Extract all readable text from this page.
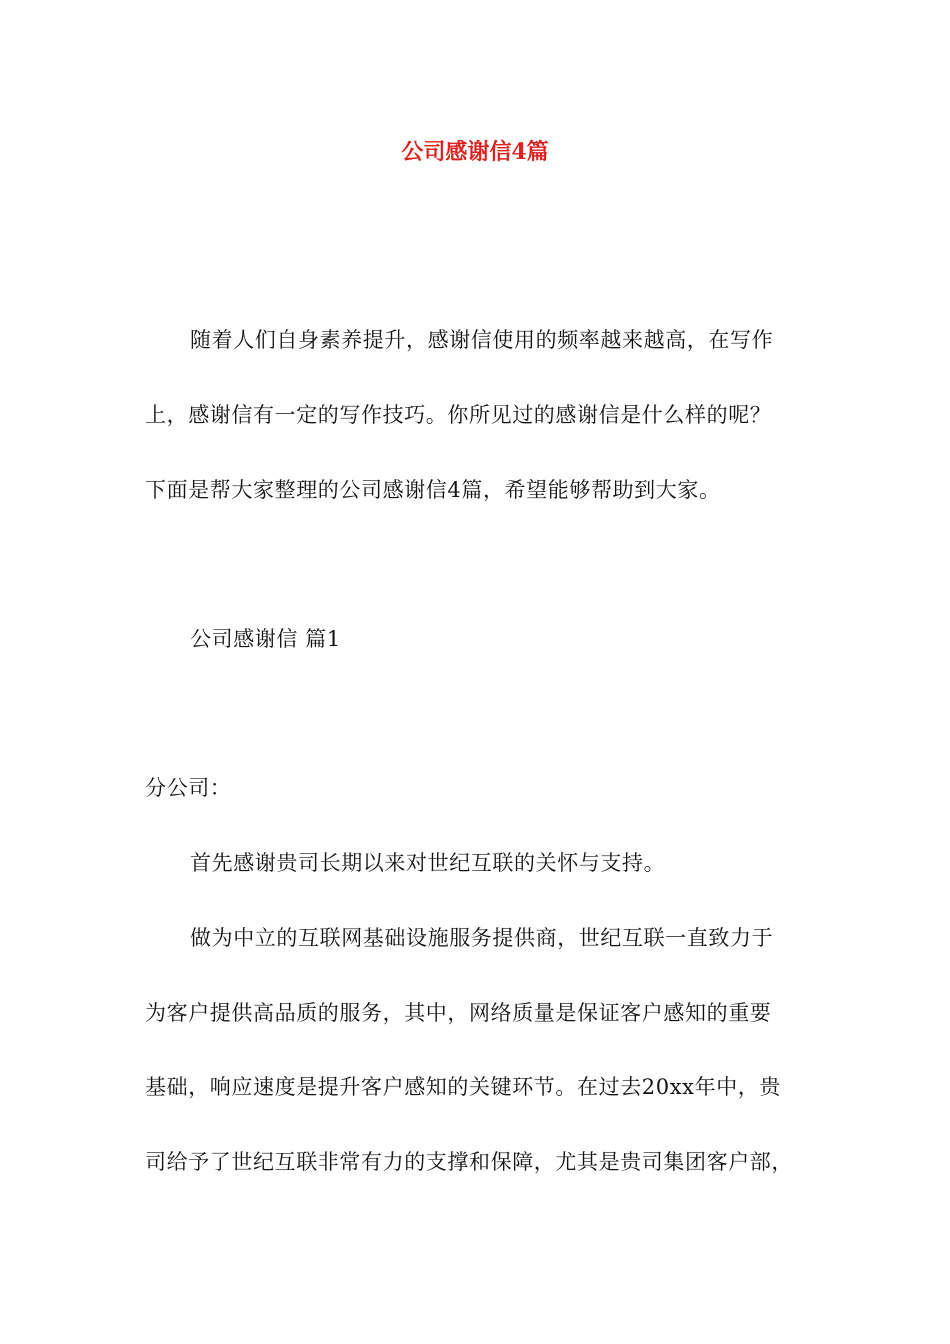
公司感谢信4篇
随着人们自身素养提升，感谢信使用的频率越来越高，在写作
上，感谢信有一定的写作技巧。你所见过的感谢信是什么样的呢？
下面是帮大家整理的公司感谢信4篇，希望能够帮助到大家。
公司感谢信 篇1
分公司：
首先感谢贵司长期以来对世纪互联的关怀与支持。
做为中立的互联网基础设施服务提供商，世纪互联一直致力于
为客户提供高品质的服务，其中，网络质量是保证客户感知的重要
基础，响应速度是提升客户感知的关键环节。在过去20xx年中，贵
司给予了世纪互联非常有力的支撑和保障，尤其是贵司集团客户部，
